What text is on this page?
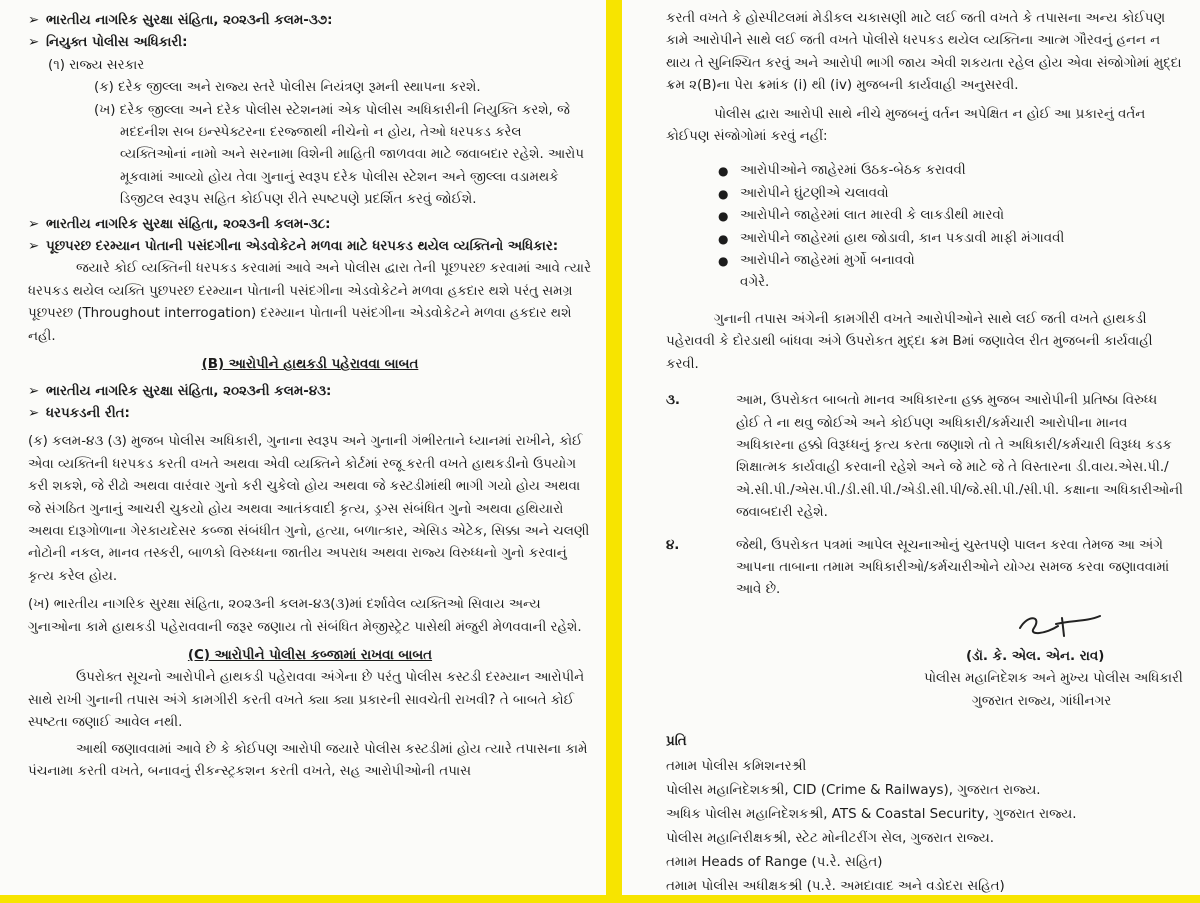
➢ ભારતીય નાગરિક સુરક્ષા સંહિતા, ૨૦૨૩ની કલમ-૩૭:
➢ નિયુક્ત પોલીસ અધિકારી:

(૧) રાજ્ય સરકાર

(ક) દરેક જીલ્લા અને રાજ્ય સ્તરે પોલીસ નિયંત્રણ રૂમની સ્થાપના કરશે.

(ખ) દરેક જીલ્લા અને દરેક પોલીસ સ્ટેશનમાં એક પોલીસ અધિકારીની નિયુક્તિ કરશે, જે મદદનીશ સબ ઇન્સ્પેક્ટરના દરજ્જાથી નીચેનો ન હોય, તેઓ ધરપકડ કરેલ વ્યક્તિઓનાં નામો અને સરનામા વિશેની માહિતી જાળવવા માટે જવાબદાર રહેશે. આરોપ મૂકવામાં આવ્યો હોય તેવા ગુનાનું સ્વરૂપ દરેક પોલીસ સ્ટેશન અને જીલ્લા વડામથકે ડિજીટલ સ્વરૂપ સહિત કોઈપણ રીતે સ્પષ્ટપણે પ્રદર્શિત કરવું જોઈશે.

➢ ભારતીય નાગરિક સુરક્ષા સંહિતા, ૨૦૨૩ની કલમ-૩૮:
➢ પૂછપરછ દરમ્યાન પોતાની પસંદગીના એડવોકેટને મળવા માટે ધરપકડ થયેલ વ્યક્તિનો અધિકાર:

જયારે કોઈ વ્યક્તિની ધરપકડ કરવામાં આવે અને પોલીસ દ્વારા તેની પૂછપરછ કરવામાં આવે ત્યારે ધરપકડ થયેલ વ્યક્તિ પુછપરછ દરમ્યાન પોતાની પસંદગીના એડવોકેટને મળવા હકદાર થશે પરંતુ સમગ્ર પૂછપરછ (Throughout interrogation) દરમ્યાન પોતાની પસંદગીના એડવોકેટને મળવા હકદાર થશે નહી.

(B) આરોપીને હાથકડી પહેરાવવા બાબત

➢ ભારતીય નાગરિક સુરક્ષા સંહિતા, ૨૦૨૩ની કલમ-૪૩:
➢ ધરપકડની રીત:

(ક) કલમ-૪૩ (૩) મુજબ પોલીસ અધિકારી, ગુનાના સ્વરૂપ અને ગુનાની ગંભીરતાને ધ્યાનમાં રાખીને, કોઈ એવા વ્યક્તિની ધરપકડ કરતી વખતે અથવા એવી વ્યક્તિને કોર્ટમાં રજૂ કરતી વખતે હાથકડીનો ઉપયોગ કરી શકશે, જે રીઢો અથવા વારંવાર ગુનો કરી ચુકેલો હોય અથવા જે કસ્ટડીમાંથી ભાગી ગયો હોય અથવા જે સંગઠિત ગુનાનું આચરી ચુકયો હોય અથવા આતંકવાદી કૃત્ય, ડ્રગ્સ સંબંધિત ગુનો અથવા હથિયારો અથવા દારૂગોળાના ગેરકાયદેસર કબ્જા સંબંધીત ગુનો, હત્યા, બળાત્કાર, એસિડ એટેક, સિક્કા અને ચલણી નોટોની નકલ, માનવ તસ્કરી, બાળકો વિરુધ્ધના જાતીય અપરાધ અથવા રાજ્ય વિરુધ્ધનો ગુનો કરવાનું કૃત્ય કરેલ હોય.

(ખ) ભારતીય નાગરિક સુરક્ષા સંહિતા, ૨૦૨૩ની કલમ-૪૩(૩)માં દર્શાવેલ વ્યક્તિઓ સિવાય અન્ય ગુનાઓના કામે હાથકડી પહેરાવવાની જરૂર જણાય તો સંબંધિત મેજીસ્ટ્રેટ પાસેથી મંજુરી મેળવવાની રહેશે.

(C) આરોપીને પોલીસ કબ્જામાં રાખવા બાબત

ઉપરોક્ત સૂચનો આરોપીને હાથકડી પહેરાવવા અંગેના છે પરંતુ પોલીસ કસ્ટડી દરમ્યાન આરોપીને સાથે રાખી ગુનાની તપાસ અંગે કામગીરી કરતી વખતે ક્યા ક્યા પ્રકારની સાવચેતી રાખવી? તે બાબતે કોઈ સ્પષ્ટતા જણાઈ આવેલ નથી.

આથી જણાવવામાં આવે છે કે કોઈપણ આરોપી જયારે પોલીસ કસ્ટડીમાં હોય ત્યારે તપાસના કામે પંચનામા કરતી વખતે, બનાવનું રીકન્સ્ટ્રકશન કરતી વખતે, સહ આરોપીઓની તપાસ

કરતી વખતે કે હોસ્પીટલમાં મેડીકલ ચકાસણી માટે લઈ જતી વખતે કે તપાસના અન્ય કોઈપણ કામે આરોપીને સાથે લઈ જતી વખતે પોલીસે ધરપકડ થયેલ વ્યક્તિના આત્મ ગૌરવનું હનન ન થાય તે સુનિશ્ચિત કરવું અને આરોપી ભાગી જાય એવી શકયતા રહેલ હોય એવા સંજોગોમાં મુદ્દા ક્રમ ૨(B)ના પેરા ક્રમાંક (i) થી (iv) મુજબની કાર્યવાહી અનુસરવી.

પોલીસ દ્વારા આરોપી સાથે નીચે મુજબનું વર્તન અપેક્ષિત ન હોઈ આ પ્રકારનું વર્તન કોઈપણ સંજોગોમાં કરવું નહીં:

● આરોપીઓને જાહેરમાં ઉઠક-બેઠક કરાવવી
● આરોપીને ઘુંટણીએ ચલાવવો
● આરોપીને જાહેરમાં લાત મારવી કે લાકડીથી મારવો
● આરોપીને જાહેરમાં હાથ જોડાવી, કાન પકડાવી માફી મંગાવવી
● આરોપીને જાહેરમાં મુર્ગો બનાવવો

વગેરે.

ગુનાની તપાસ અંગેની કામગીરી વખતે આરોપીઓને સાથે લઈ જતી વખતે હાથકડી પહેરાવવી કે દોરડાથી બાંધવા અંગે ઉપરોકત મુદ્દા ક્રમ Bમાં જણાવેલ રીત મુજબની કાર્યવાહી કરવી.

૩.	આમ, ઉપરોકત બાબતો માનવ અધિકારના હક્ક મુજબ આરોપીની પ્રતિષ્ઠા વિરુધ્ધ હોઈ તે ના થવુ જોઈએ અને કોઈપણ અધિકારી/કર્મચારી આરોપીના માનવ અધિકારના હક્કો વિરૂધ્ધનું કૃત્ય કરતા જણાશે તો તે અધિકારી/કર્મચારી વિરૂધ્ધ કડક શિક્ષાત્મક કાર્યવાહી કરવાની રહેશે અને જે માટે જે તે વિસ્તારના ડી.વાય.એસ.પી./એ.સી.પી./એસ.પી./ડી.સી.પી./એડી.સી.પી/જે.સી.પી./સી.પી. કક્ષાના અધિકારીઓની જવાબદારી રહેશે.
૪.	જેથી, ઉપરોકત પત્રમાં આપેલ સૂચનાઓનું ચુસ્તપણે પાલન કરવા તેમજ આ અંગે આપના તાબાના તમામ અધિકારીઓ/કર્મચારીઓને યોગ્ય સમજ કરવા જણાવવામાં આવે છે.

(ડૉ. કે. એલ. એન. રાવ)

પોલીસ મહાનિદેશક અને મુખ્ય પોલીસ અધિકારી

ગુજરાત રાજ્ય, ગાંધીનગર

પ્રતિ

તમામ પોલીસ કમિશનરશ્રી

પોલીસ મહાનિદેશકશ્રી, CID (Crime & Railways), ગુજરાત રાજ્ય.

અધિક પોલીસ મહાનિદેશકશ્રી, ATS & Coastal Security, ગુજરાત રાજ્ય.

પોલીસ મહાનિરીક્ષકશ્રી, સ્ટેટ મોનીટરીંગ સેલ, ગુજરાત રાજ્ય.

તમામ Heads of Range (પ.રે. સહિત)

તમામ પોલીસ અધીક્ષકશ્રી (પ.રે. અમદાવાદ અને વડોદરા સહિત)
